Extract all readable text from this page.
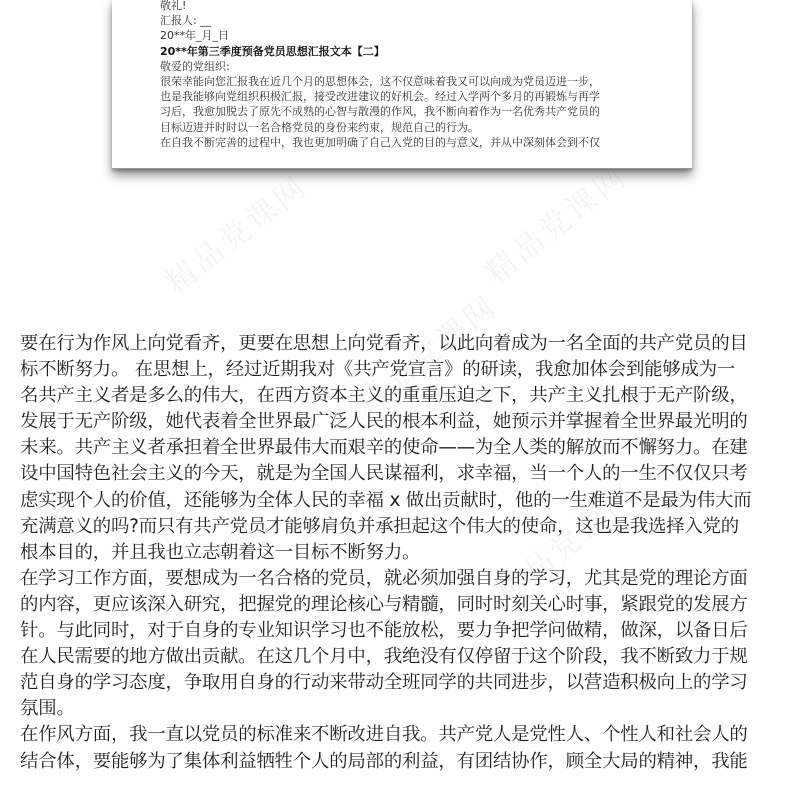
敬礼!
汇报人: __
20**年_月_日
20**年第三季度预备党员思想汇报文本【二】
敬爱的党组织:
很荣幸能向您汇报我在近几个月的思想体会，这不仅意味着我又可以向成为党员迈进一步，
也是我能够向党组织积极汇报，接受改进建议的好机会。经过入学两个多月的再锻炼与再学
习后，我愈加脱去了原先不成熟的心智与散漫的作风，我不断向着作为一名优秀共产党员的
目标迈进并时时以一名合格党员的身份来约束，规范自己的行为。
在自我不断完善的过程中，我也更加明确了自己入党的目的与意义，并从中深刻体会到不仅
要在行为作风上向党看齐，更要在思想上向党看齐，以此向着成为一名全面的共产党员的目
标不断努力。 在思想上，经过近期我对《共产党宣言》的研读，我愈加体会到能够成为一
名共产主义者是多么的伟大，在西方资本主义的重重压迫之下，共产主义扎根于无产阶级，
发展于无产阶级，她代表着全世界最广泛人民的根本利益，她预示并掌握着全世界最光明的
未来。共产主义者承担着全世界最伟大而艰辛的使命——为全人类的解放而不懈努力。在建
设中国特色社会主义的今天，就是为全国人民谋福利，求幸福，当一个人的一生不仅仅只考
虑实现个人的价值，还能够为全体人民的幸福 x 做出贡献时，他的一生难道不是最为伟大而
充满意义的吗?而只有共产党员才能够肩负并承担起这个伟大的使命，这也是我选择入党的
根本目的，并且我也立志朝着这一目标不断努力。
在学习工作方面，要想成为一名合格的党员，就必须加强自身的学习，尤其是党的理论方面
的内容，更应该深入研究，把握党的理论核心与精髓，同时时刻关心时事，紧跟党的发展方
针。与此同时，对于自身的专业知识学习也不能放松，要力争把学问做精，做深，以备日后
在人民需要的地方做出贡献。在这几个月中，我绝没有仅停留于这个阶段，我不断致力于规
范自身的学习态度，争取用自身的行动来带动全班同学的共同进步，以营造积极向上的学习
氛围。
在作风方面，我一直以党员的标准来不断改进自我。共产党人是党性人、个性人和社会人的
结合体，要能够为了集体利益牺牲个人的局部的利益，有团结协作，顾全大局的精神，我能
